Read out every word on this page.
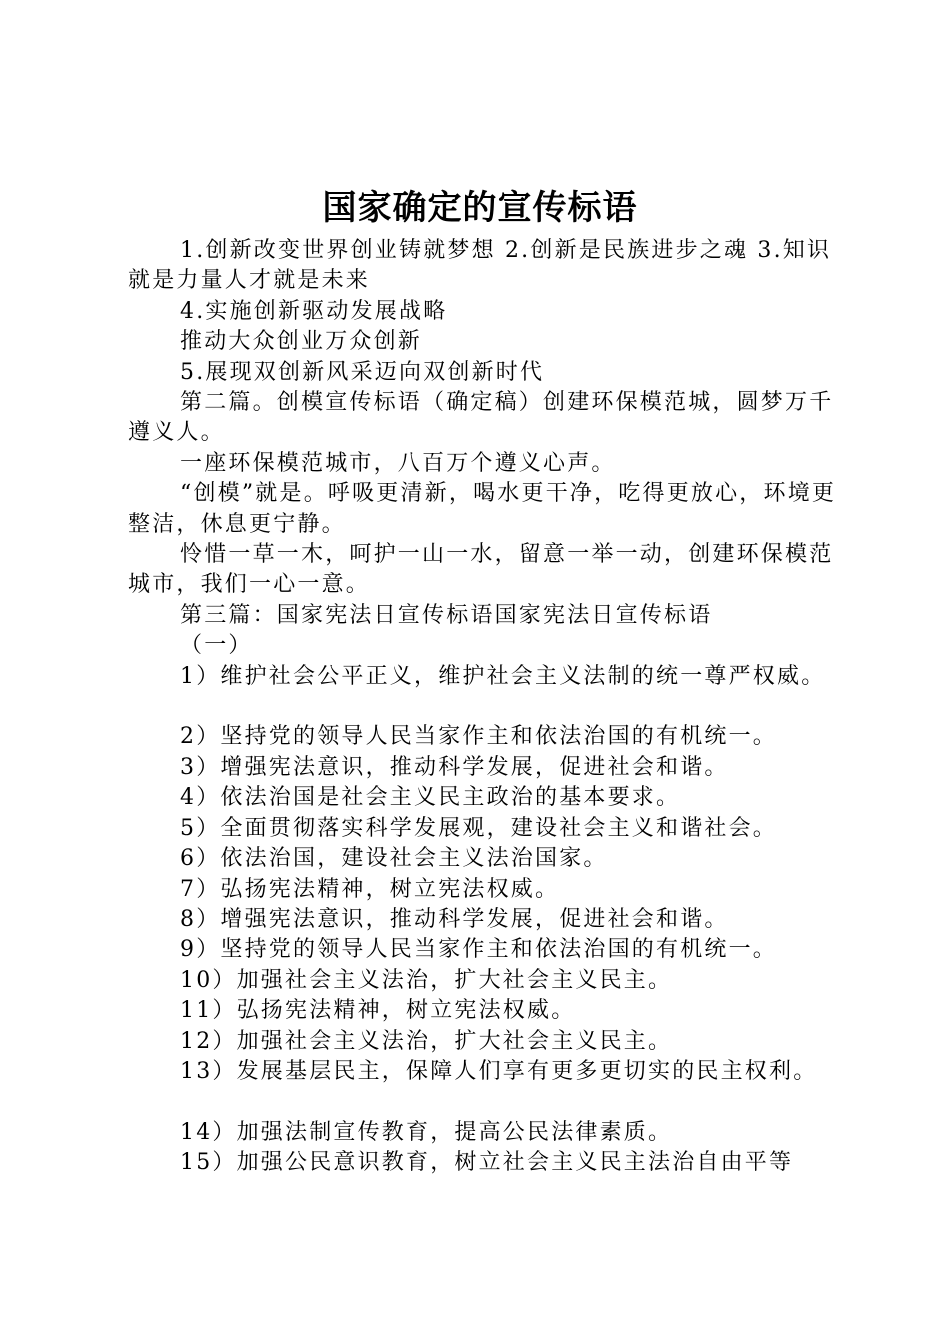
国家确定的宣传标语

1.创新改变世界创业铸就梦想 2.创新是民族进步之魂 3.知识就是力量人才就是未来

4.实施创新驱动发展战略

推动大众创业万众创新

5.展现双创新风采迈向双创新时代

第二篇。创模宣传标语（确定稿）创建环保模范城，圆梦万千遵义人。

一座环保模范城市，八百万个遵义心声。

“创模”就是。呼吸更清新，喝水更干净，吃得更放心，环境更整洁，休息更宁静。

怜惜一草一木，呵护一山一水，留意一举一动，创建环保模范城市，我们一心一意。

第三篇：国家宪法日宣传标语国家宪法日宣传标语

（一）

1）维护社会公平正义，维护社会主义法制的统一尊严权威。

2）坚持党的领导人民当家作主和依法治国的有机统一。

3）增强宪法意识，推动科学发展，促进社会和谐。

4）依法治国是社会主义民主政治的基本要求。

5）全面贯彻落实科学发展观，建设社会主义和谐社会。

6）依法治国，建设社会主义法治国家。

7）弘扬宪法精神，树立宪法权威。

8）增强宪法意识，推动科学发展，促进社会和谐。

9）坚持党的领导人民当家作主和依法治国的有机统一。

10）加强社会主义法治，扩大社会主义民主。

11）弘扬宪法精神，树立宪法权威。

12）加强社会主义法治，扩大社会主义民主。

13）发展基层民主，保障人们享有更多更切实的民主权利。

14）加强法制宣传教育，提高公民法律素质。

15）加强公民意识教育，树立社会主义民主法治自由平等
